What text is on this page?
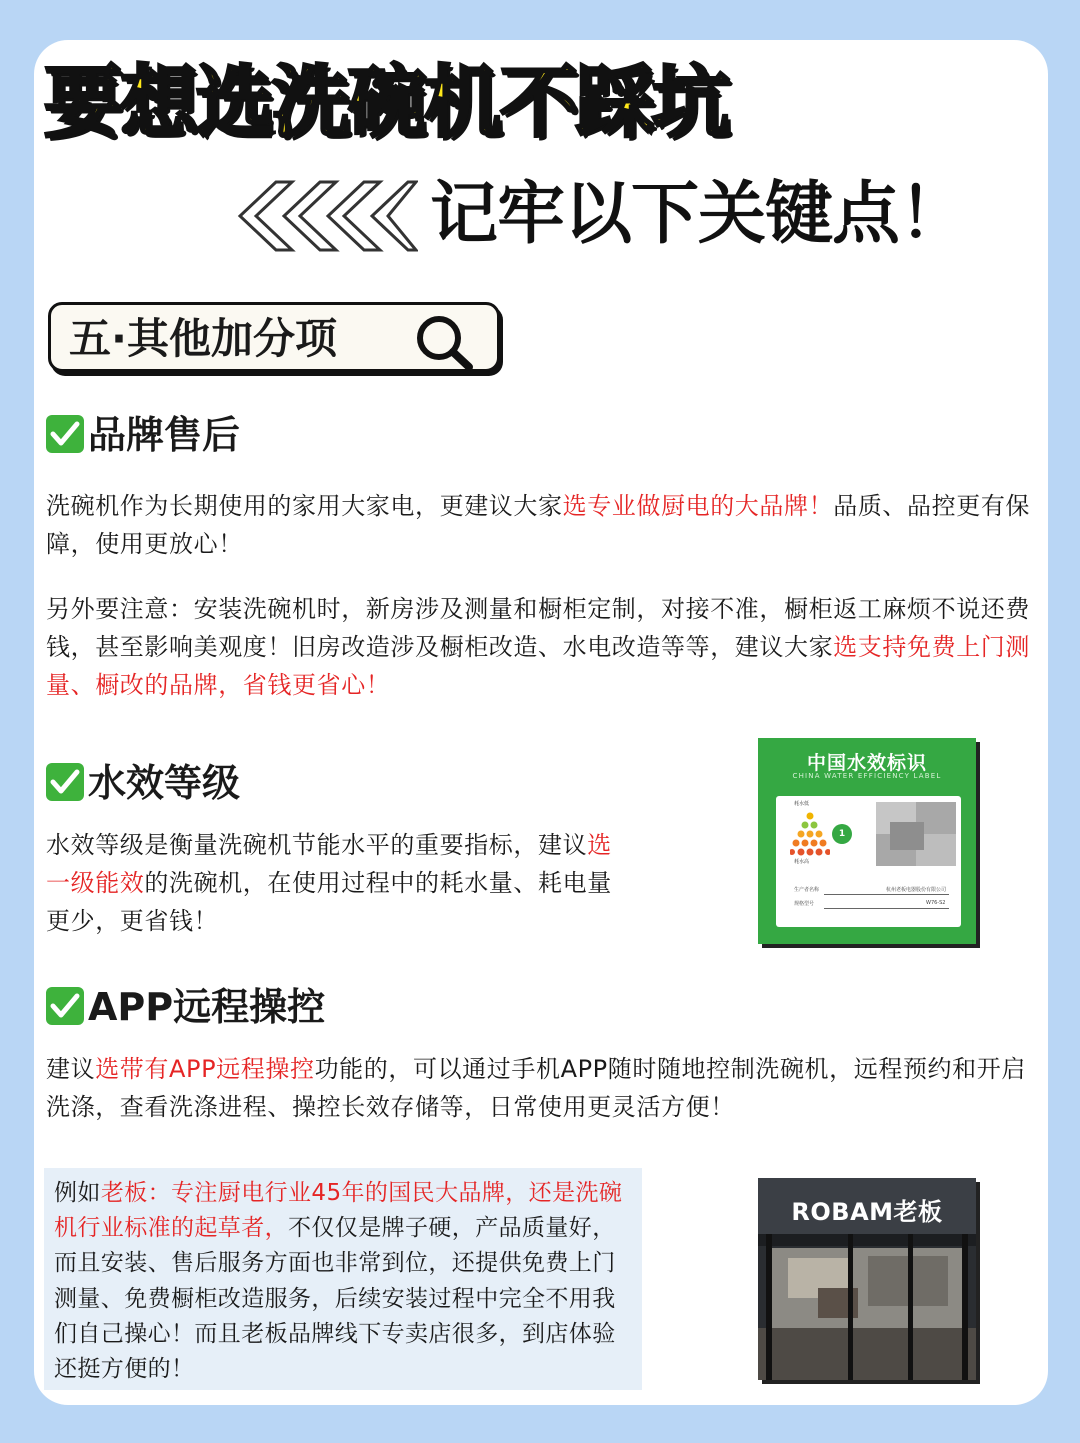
要想选洗碗机不踩坑
记牢以下关键点！
五·其他加分项
品牌售后
洗碗机作为长期使用的家用大家电，更建议大家选专业做厨电的大品牌！品质、品控更有保障，使用更放心！
另外要注意：安装洗碗机时，新房涉及测量和橱柜定制，对接不准，橱柜返工麻烦不说还费钱，甚至影响美观度！旧房改造涉及橱柜改造、水电改造等等，建议大家选支持免费上门测量、橱改的品牌，省钱更省心！
水效等级
水效等级是衡量洗碗机节能水平的重要指标，建议选一级能效的洗碗机，在使用过程中的耗水量、耗电量更少，更省钱！
中国水效标识
CHINA WATER EFFICIENCY LABEL
耗水低
耗水高
1
生产者名称	杭州老板电器股份有限公司
规格型号	W76-S2
APP远程操控
建议选带有APP远程操控功能的，可以通过手机APP随时随地控制洗碗机，远程预约和开启洗涤，查看洗涤进程、操控长效存储等，日常使用更灵活方便！
例如老板：专注厨电行业45年的国民大品牌，还是洗碗机行业标准的起草者，不仅仅是牌子硬，产品质量好，而且安装、售后服务方面也非常到位，还提供免费上门测量、免费橱柜改造服务，后续安装过程中完全不用我们自己操心！而且老板品牌线下专卖店很多，到店体验还挺方便的！
ROBAM老板
